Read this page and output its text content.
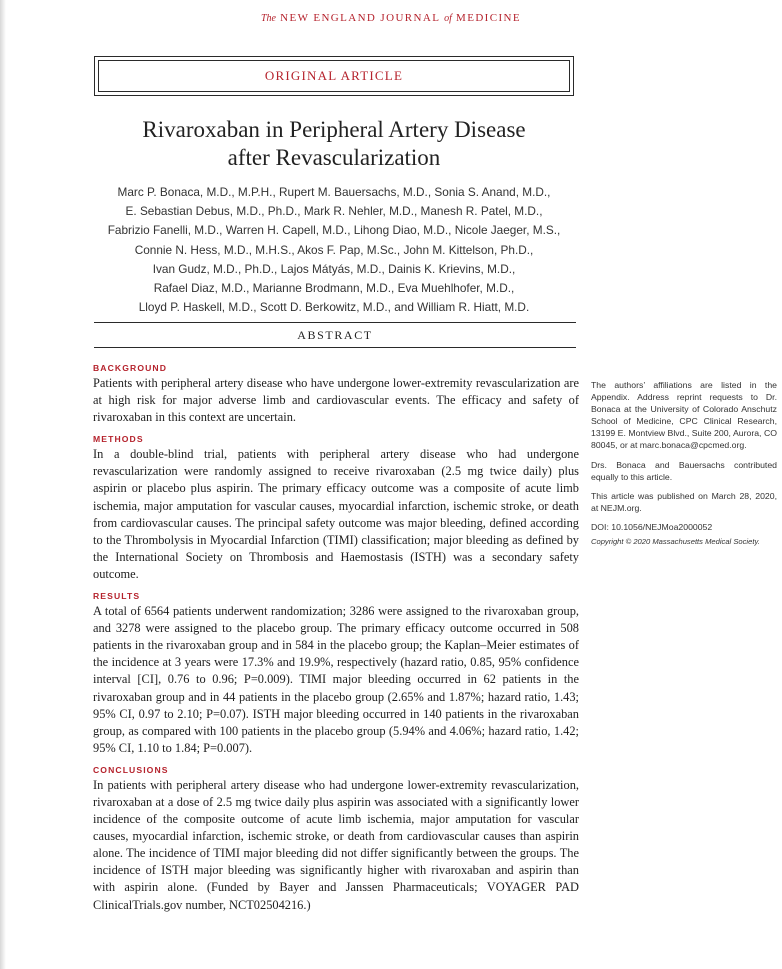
The NEW ENGLAND JOURNAL of MEDICINE
ORIGINAL ARTICLE
Rivaroxaban in Peripheral Artery Disease
after Revascularization
Marc P. Bonaca, M.D., M.P.H., Rupert M. Bauersachs, M.D., Sonia S. Anand, M.D.,
E. Sebastian Debus, M.D., Ph.D., Mark R. Nehler, M.D., Manesh R. Patel, M.D.,
Fabrizio Fanelli, M.D., Warren H. Capell, M.D., Lihong Diao, M.D., Nicole Jaeger, M.S.,
Connie N. Hess, M.D., M.H.S., Akos F. Pap, M.Sc., John M. Kittelson, Ph.D.,
Ivan Gudz, M.D., Ph.D., Lajos Mátyás, M.D., Dainis K. Krievins, M.D.,
Rafael Diaz, M.D., Marianne Brodmann, M.D., Eva Muehlhofer, M.D.,
Lloyd P. Haskell, M.D., Scott D. Berkowitz, M.D., and William R. Hiatt, M.D.
ABSTRACT
BACKGROUND

Patients with peripheral artery disease who have undergone lower-extremity revascularization are at high risk for major adverse limb and cardiovascular events. The efficacy and safety of rivaroxaban in this context are uncertain.

METHODS

In a double-blind trial, patients with peripheral artery disease who had undergone revascularization were randomly assigned to receive rivaroxaban (2.5 mg twice daily) plus aspirin or placebo plus aspirin. The primary efficacy outcome was a composite of acute limb ischemia, major amputation for vascular causes, myocardial infarction, ischemic stroke, or death from cardiovascular causes. The principal safety outcome was major bleeding, defined according to the Thrombolysis in Myocardial Infarction (TIMI) classification; major bleeding as defined by the International Society on Thrombosis and Haemostasis (ISTH) was a secondary safety outcome.

RESULTS

A total of 6564 patients underwent randomization; 3286 were assigned to the rivaroxaban group, and 3278 were assigned to the placebo group. The primary efficacy outcome occurred in 508 patients in the rivaroxaban group and in 584 in the placebo group; the Kaplan–Meier estimates of the incidence at 3 years were 17.3% and 19.9%, respectively (hazard ratio, 0.85, 95% confidence interval [CI], 0.76 to 0.96; P=0.009). TIMI major bleeding occurred in 62 patients in the rivaroxaban group and in 44 patients in the placebo group (2.65% and 1.87%; hazard ratio, 1.43; 95% CI, 0.97 to 2.10; P=0.07). ISTH major bleeding occurred in 140 patients in the rivaroxaban group, as compared with 100 patients in the placebo group (5.94% and 4.06%; hazard ratio, 1.42; 95% CI, 1.10 to 1.84; P=0.007).

CONCLUSIONS

In patients with peripheral artery disease who had undergone lower-extremity revascularization, rivaroxaban at a dose of 2.5 mg twice daily plus aspirin was associated with a significantly lower incidence of the composite outcome of acute limb ischemia, major amputation for vascular causes, myocardial infarction, ischemic stroke, or death from cardiovascular causes than aspirin alone. The incidence of TIMI major bleeding did not differ significantly between the groups. The incidence of ISTH major bleeding was significantly higher with rivaroxaban and aspirin than with aspirin alone. (Funded by Bayer and Janssen Pharmaceuticals; VOYAGER PAD ClinicalTrials.gov number, NCT02504216.)

The authors’ affiliations are listed in the Appendix. Address reprint requests to Dr. Bonaca at the University of Colorado Anschutz School of Medicine, CPC Clinical Research, 13199 E. Montview Blvd., Suite 200, Aurora, CO 80045, or at marc.bonaca@cpcmed.org.

Drs. Bonaca and Bauersachs contributed equally to this article.

This article was published on March 28, 2020, at NEJM.org.

DOI: 10.1056/NEJMoa2000052

Copyright © 2020 Massachusetts Medical Society.
